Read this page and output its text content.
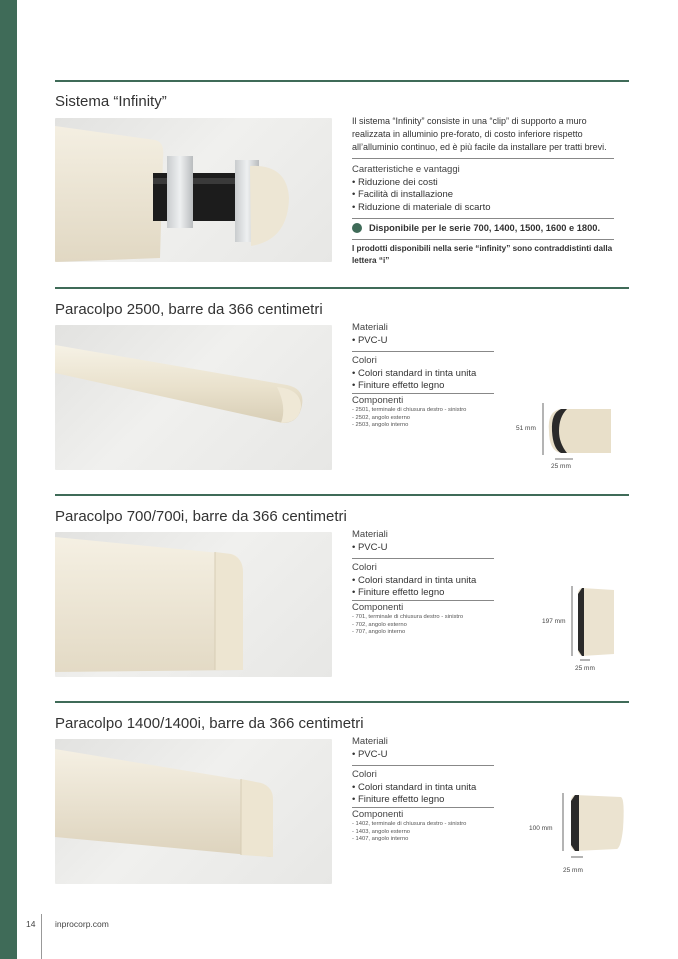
Sistema “Infinity”
Il sistema “Infinity” consiste in una “clip” di supporto a muro realizzata in alluminio pre-forato, di costo inferiore rispetto all’alluminio continuo, ed è più facile da installare per tratti brevi.
Caratteristiche e vantaggi
• Riduzione dei costi
• Facilità di installazione
• Riduzione di materiale di scarto
Disponibile per le serie 700, 1400, 1500, 1600 e 1800.
I prodotti disponibili nella serie “infinity” sono contraddistinti dalla lettera “i”
Paracolpo 2500, barre da 366 centimetri
Materiali
• PVC-U
Colori
• Colori standard in tinta unita
• Finiture effetto legno
Componenti
- 2501, terminale di chiusura destro - sinistro
- 2502, angolo esterno
- 2503, angolo interno	51 mm
25 mm
Paracolpo 700/700i, barre da 366 centimetri
Materiali
• PVC-U
Colori
• Colori standard in tinta unita
• Finiture effetto legno
Componenti
- 701, terminale di chiusura destro - sinistro
- 702, angolo esterno
- 707, angolo interno
197 mm
25 mm
Paracolpo 1400/1400i, barre da 366 centimetri
Materiali
• PVC-U
Colori
• Colori standard in tinta unita
• Finiture effetto legno
Componenti
- 1402, terminale di chiusura destro - sinistro
- 1403, angolo esterno
- 1407, angolo interno
100 mm
25 mm
14 inprocorp.com
